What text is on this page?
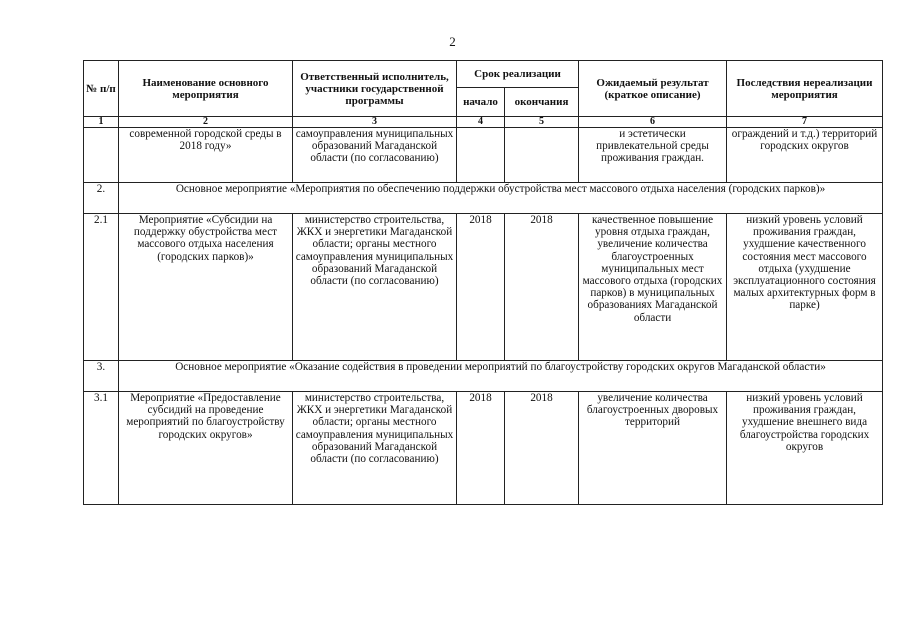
2
№ п/п	Наименование основного мероприятия	Ответственный исполнитель, участники государственной программы	Срок реализации		Ожидаемый результат (краткое описание)	Последствия нереализации мероприятия
			начало	окончания		
1	2	3	4	5	6	7
	современной городской среды в 2018 году»	самоуправления муниципальных образований Магаданской области (по согласованию)			и эстетически привлекательной среды проживания граждан.	ограждений и т.д.) территорий городских округов
2.	Основное мероприятие «Мероприятия по обеспечению поддержки обустройства мест массового отдыха населения (городских парков)»					
2.1	Мероприятие «Субсидии на поддержку обустройства мест массового отдыха населения (городских парков)»	министерство строительства, ЖКХ и энергетики Магаданской области; органы местного самоуправления муниципальных образований Магаданской области (по согласованию)	2018	2018	качественное повышение уровня отдыха граждан, увеличение количества благоустроенных муниципальных мест массового отдыха (городских парков) в муниципальных образованиях Магаданской области	низкий уровень условий проживания граждан, ухудшение качественного состояния мест массового отдыха (ухудшение эксплуатационного состояния малых архитектурных форм в парке)
3.	Основное мероприятие «Оказание содействия в проведении мероприятий по благоустройству городских округов Магаданской области»					
3.1	Мероприятие «Предоставление субсидий на проведение мероприятий по благоустройству городских округов»	министерство строительства, ЖКХ и энергетики Магаданской области; органы местного самоуправления муниципальных образований Магаданской области (по согласованию)	2018	2018	увеличение количества благоустроенных дворовых территорий	низкий уровень условий проживания граждан, ухудшение внешнего вида благоустройства городских округов
